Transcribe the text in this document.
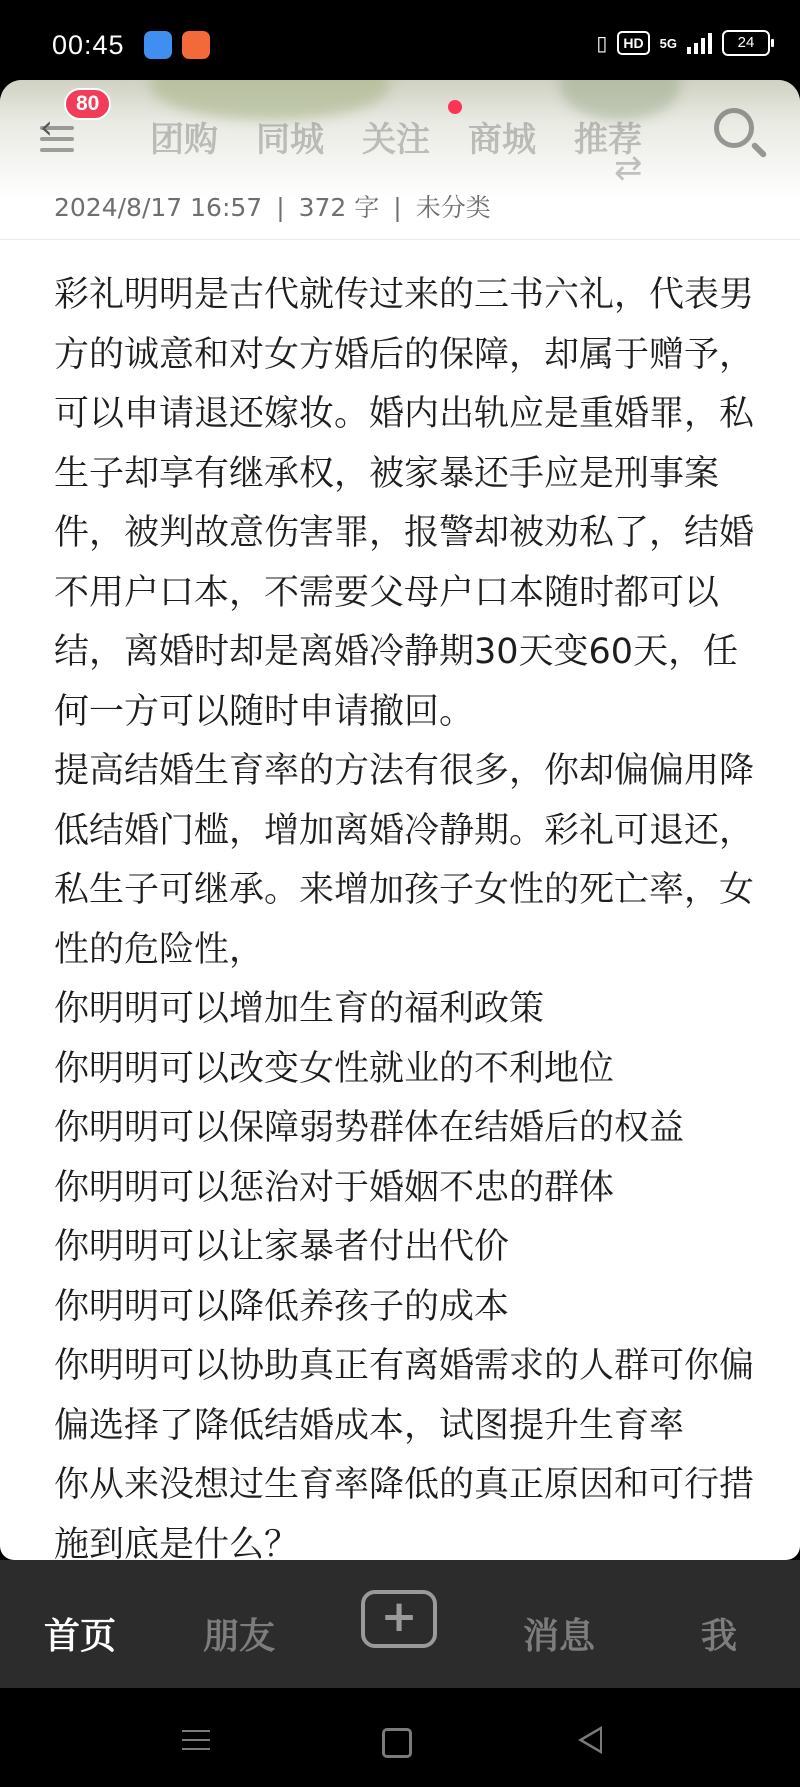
00:45	▯	HD	5G	24
‹
80
团购 同城 关注 商城 推荐
⇄
2024/8/17 16:57 | 372 字 | 未分类

彩礼明明是古代就传过来的三书六礼，代表男方的诚意和对女方婚后的保障，却属于赠予，可以申请退还嫁妆。婚内出轨应是重婚罪，私生子却享有继承权，被家暴还手应是刑事案件，被判故意伤害罪，报警却被劝私了，结婚不用户口本，不需要父母户口本随时都可以结，离婚时却是离婚冷静期30天变60天，任何一方可以随时申请撤回。

提高结婚生育率的方法有很多，你却偏偏用降低结婚门槛，增加离婚冷静期。彩礼可退还，私生子可继承。来增加孩子女性的死亡率，女性的危险性，

你明明可以增加生育的福利政策

你明明可以改变女性就业的不利地位

你明明可以保障弱势群体在结婚后的权益

你明明可以惩治对于婚姻不忠的群体

你明明可以让家暴者付出代价

你明明可以降低养孩子的成本

你明明可以协助真正有离婚需求的人群可你偏偏选择了降低结婚成本，试图提升生育率

你从来没想过生育率降低的真正原因和可行措施到底是什么？

首页 朋友	+	消息	我
